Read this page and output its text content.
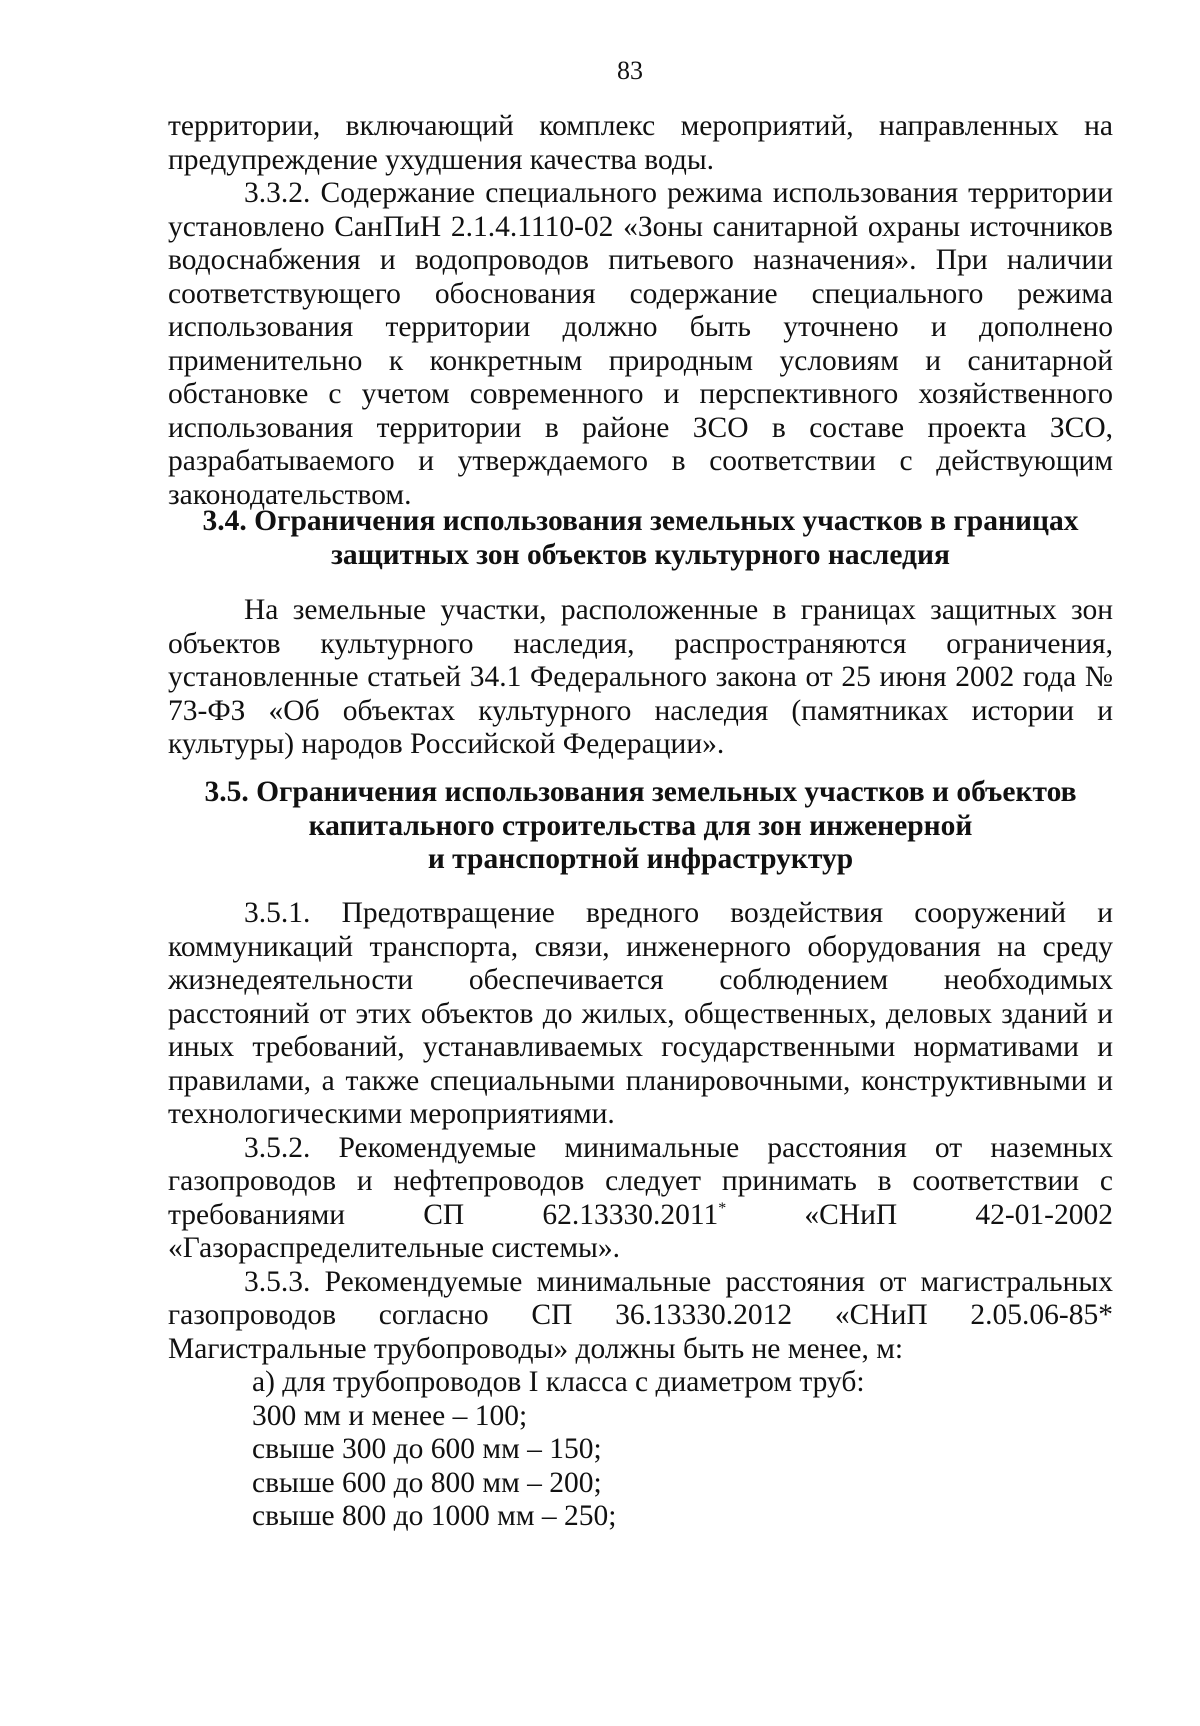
83

территории, включающий комплекс мероприятий, направленных на предупреждение ухудшения качества воды.

3.3.2. Содержание специального режима использования территории установлено СанПиН 2.1.4.1110-02 «Зоны санитарной охраны источников водоснабжения и водопроводов питьевого назначения». При наличии соответствующего обоснования содержание специального режима использования территории должно быть уточнено и дополнено применительно к конкретным природным условиям и санитарной обстановке с учетом современного и перспективного хозяйственного использования территории в районе ЗСО в составе проекта ЗСО, разрабатываемого и утверждаемого в соответствии с действующим законодательством.

3.4. Ограничения использования земельных участков в границах
защитных зон объектов культурного наследия

На земельные участки, расположенные в границах защитных зон объектов культурного наследия, распространяются ограничения, установленные статьей 34.1 Федерального закона от 25 июня 2002 года № 73-ФЗ «Об объектах культурного наследия (памятниках истории и культуры) народов Российской Федерации».

3.5. Ограничения использования земельных участков и объектов
капитального строительства для зон инженерной
и транспортной инфраструктур

3.5.1. Предотвращение вредного воздействия сооружений и коммуникаций транспорта, связи, инженерного оборудования на среду жизнедеятельности обеспечивается соблюдением необходимых расстояний от этих объектов до жилых, общественных, деловых зданий и иных требований, устанавливаемых государственными нормативами и правилами, а также специальными планировочными, конструктивными и технологическими мероприятиями.

3.5.2. Рекомендуемые минимальные расстояния от наземных газопроводов и нефтепроводов следует принимать в соответствии с требованиями СП 62.13330.2011* «СНиП 42-01-2002 «Газораспределительные системы».

3.5.3. Рекомендуемые минимальные расстояния от магистральных газопроводов согласно СП 36.13330.2012 «СНиП 2.05.06-85* Магистральные трубопроводы» должны быть не менее, м:

а) для трубопроводов I класса с диаметром труб:
300 мм и менее – 100;
свыше 300 до 600 мм – 150;
свыше 600 до 800 мм – 200;
свыше 800 до 1000 мм – 250;
